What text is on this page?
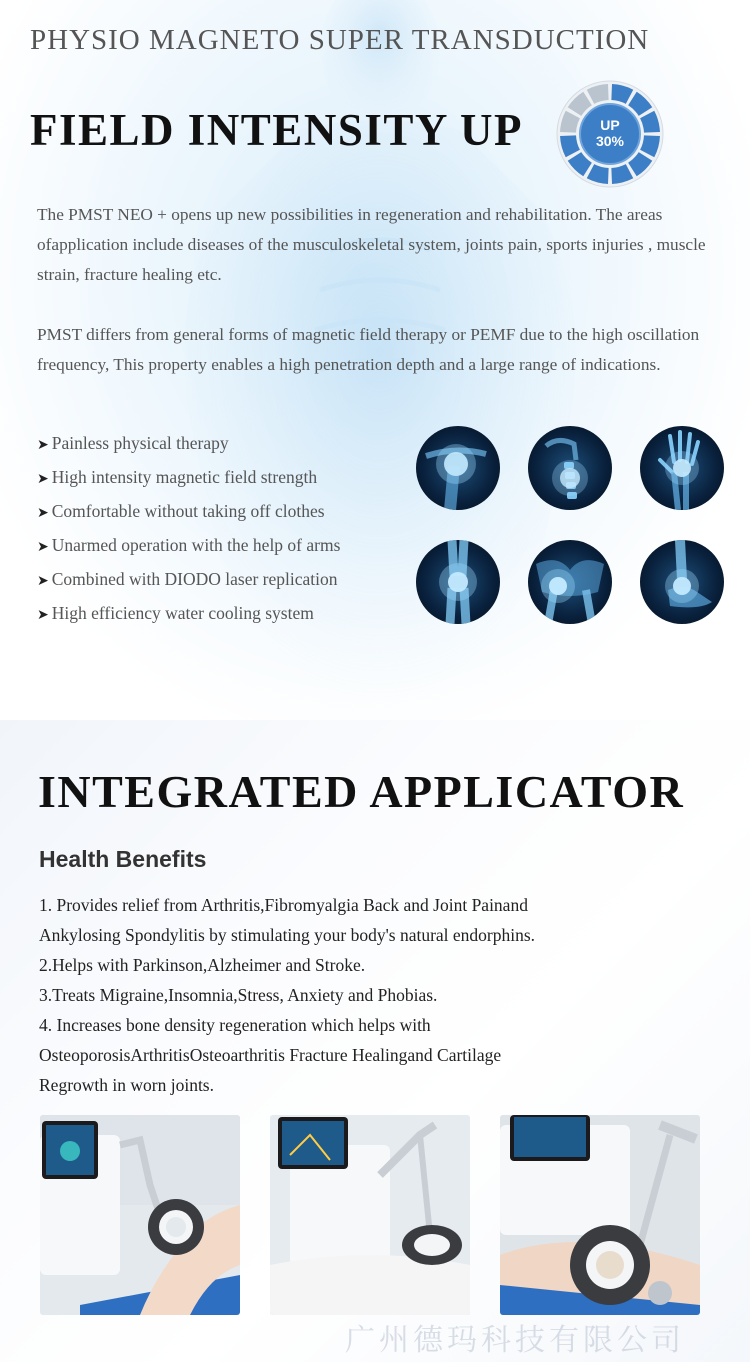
PHYSIO MAGNETO SUPER TRANSDUCTION
FIELD INTENSITY UP	UP
30%

The PMST NEO + opens up new possibilities in regeneration and rehabilitation. The areas ofapplication include diseases of the musculoskeletal system, joints pain, sports injuries , muscle strain, fracture healing etc.

PMST differs from general forms of magnetic field therapy or PEMF due to the high oscillation frequency, This property enables a high penetration depth and a large range of indications.

➤ Painless physical therapy
➤ High intensity magnetic field strength
➤ Comfortable without taking off clothes
➤ Unarmed operation with the help of arms
➤ Combined with DIODO laser replication
➤ High efficiency water cooling system
INTEGRATED APPLICATOR
Health Benefits
1. Provides relief from Arthritis,Fibromyalgia Back and Joint Painand
Ankylosing Spondylitis by stimulating your body's natural endorphins.
2.Helps with Parkinson,Alzheimer and Stroke.
3.Treats Migraine,Insomnia,Stress, Anxiety and Phobias.
4. Increases bone density regeneration which helps with
OsteoporosisArthritisOsteoarthritis Fracture Healingand Cartilage
Regrowth in worn joints.
广州德玛科技有限公司
